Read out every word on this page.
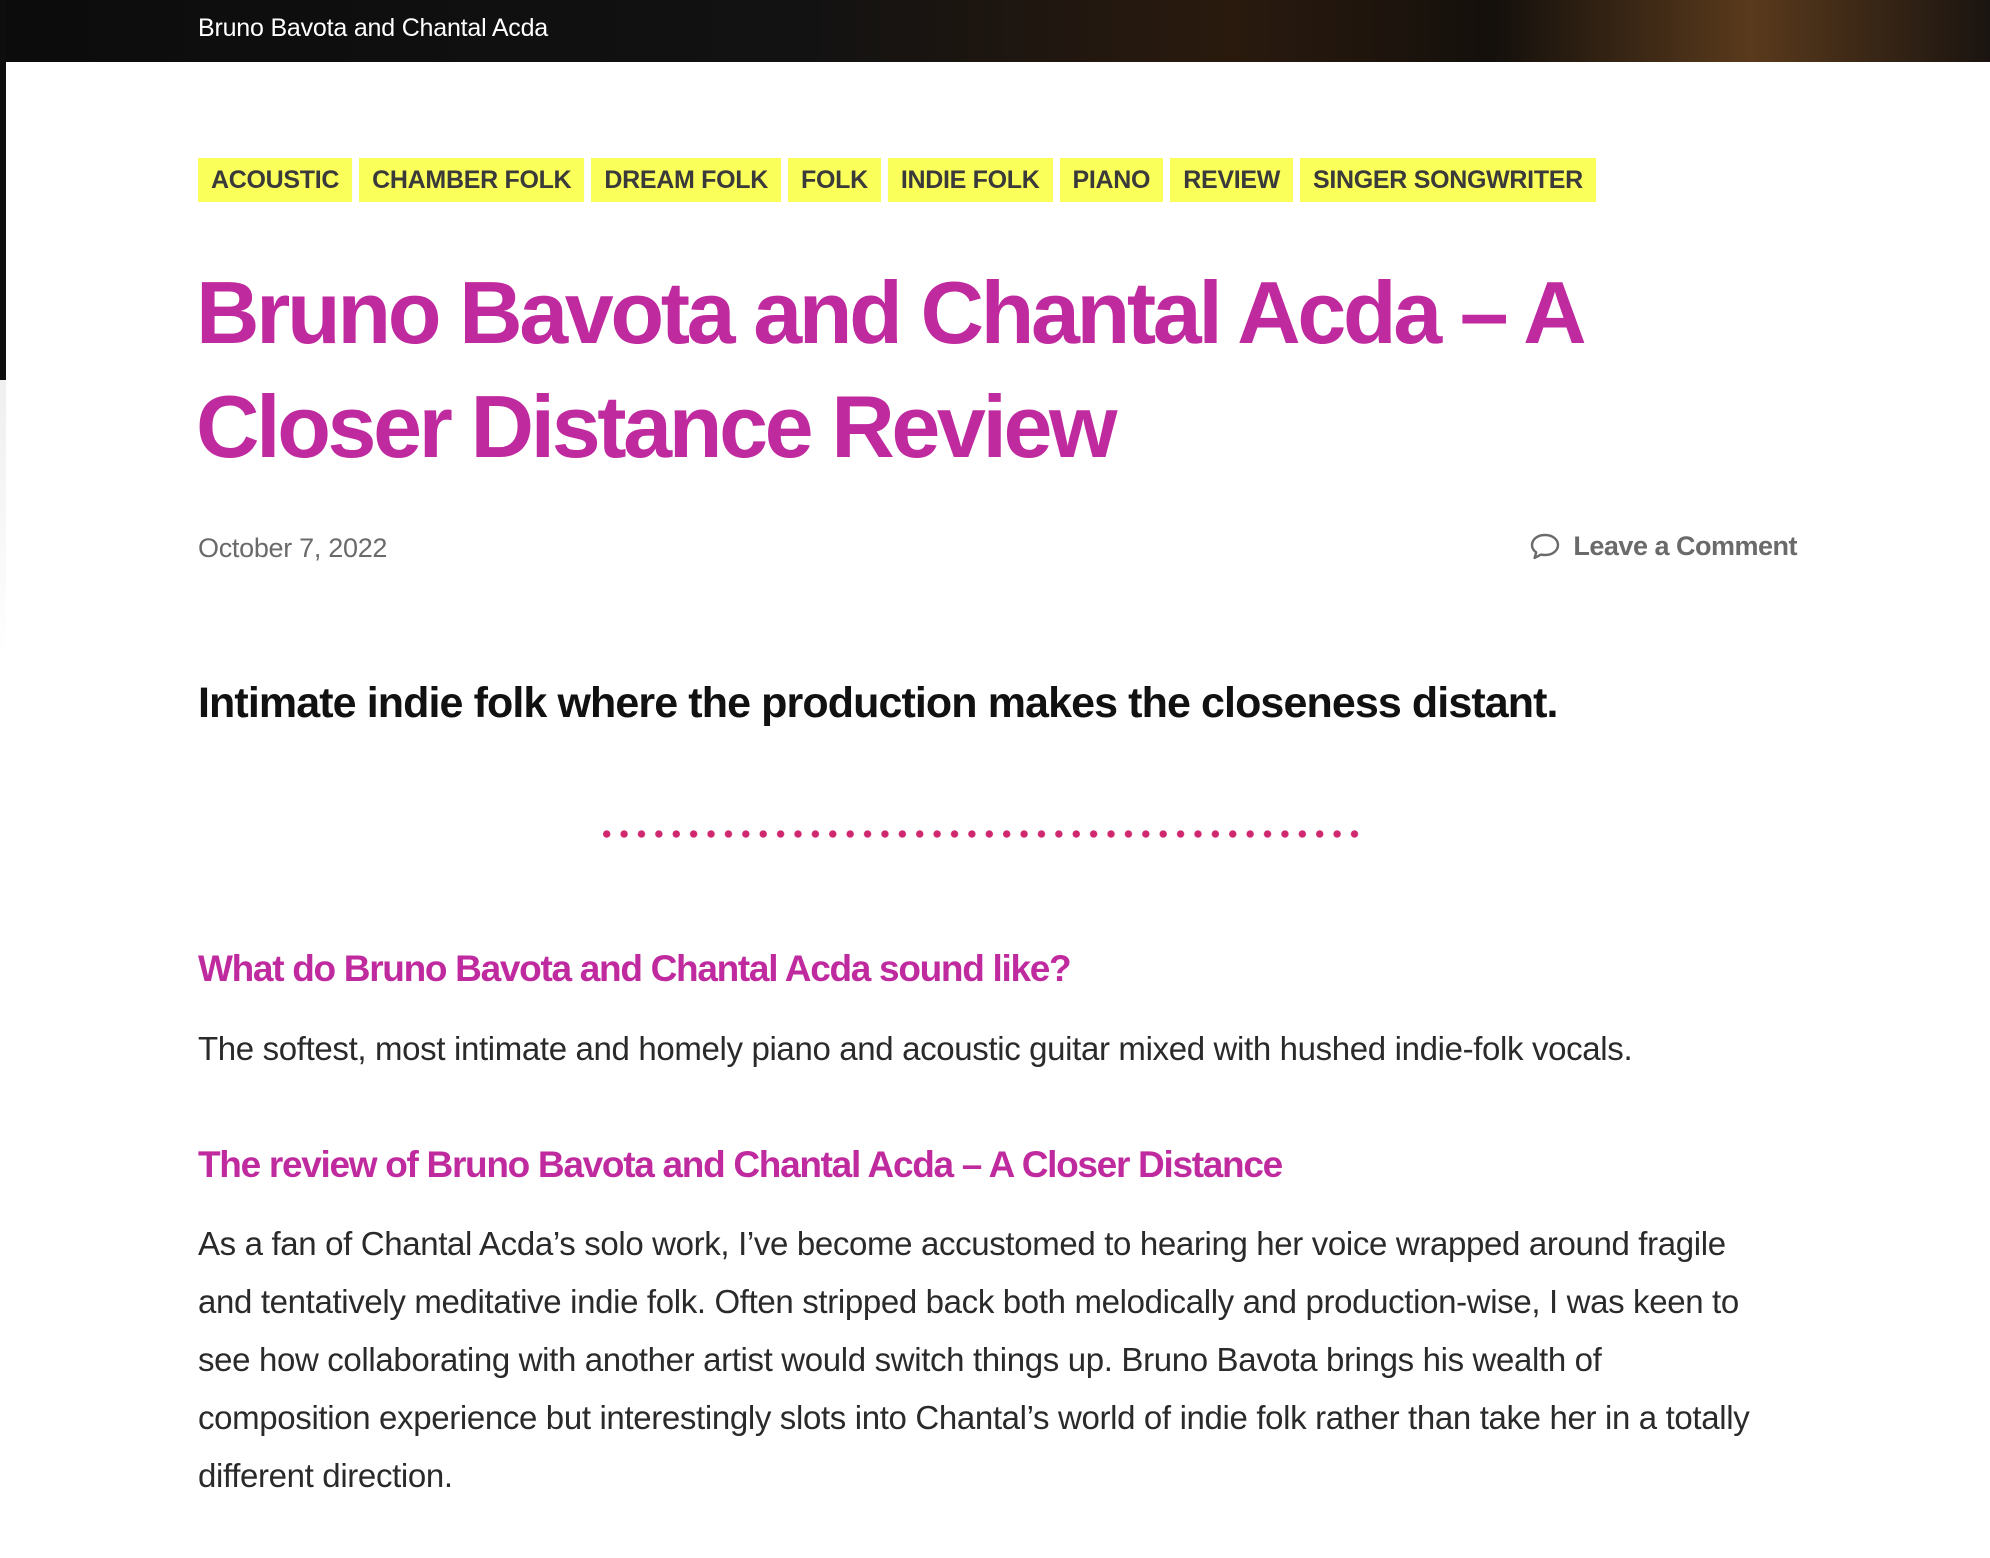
Bruno Bavota and Chantal Acda
ACOUSTIC	CHAMBER FOLK	DREAM FOLK	FOLK	INDIE FOLK	PIANO	REVIEW	SINGER SONGWRITER
Bruno Bavota and Chantal Acda – A Closer Distance Review
October 7, 2022	Leave a Comment

Intimate indie folk where the production makes the closeness distant.

What do Bruno Bavota and Chantal Acda sound like?

The softest, most intimate and homely piano and acoustic guitar mixed with hushed indie-folk vocals.

The review of Bruno Bavota and Chantal Acda – A Closer Distance

As a fan of Chantal Acda’s solo work, I’ve become accustomed to hearing her voice wrapped around fragile and tentatively meditative indie folk. Often stripped back both melodically and production-wise, I was keen to see how collaborating with another artist would switch things up. Bruno Bavota brings his wealth of composition experience but interestingly slots into Chantal’s world of indie folk rather than take her in a totally different direction.
